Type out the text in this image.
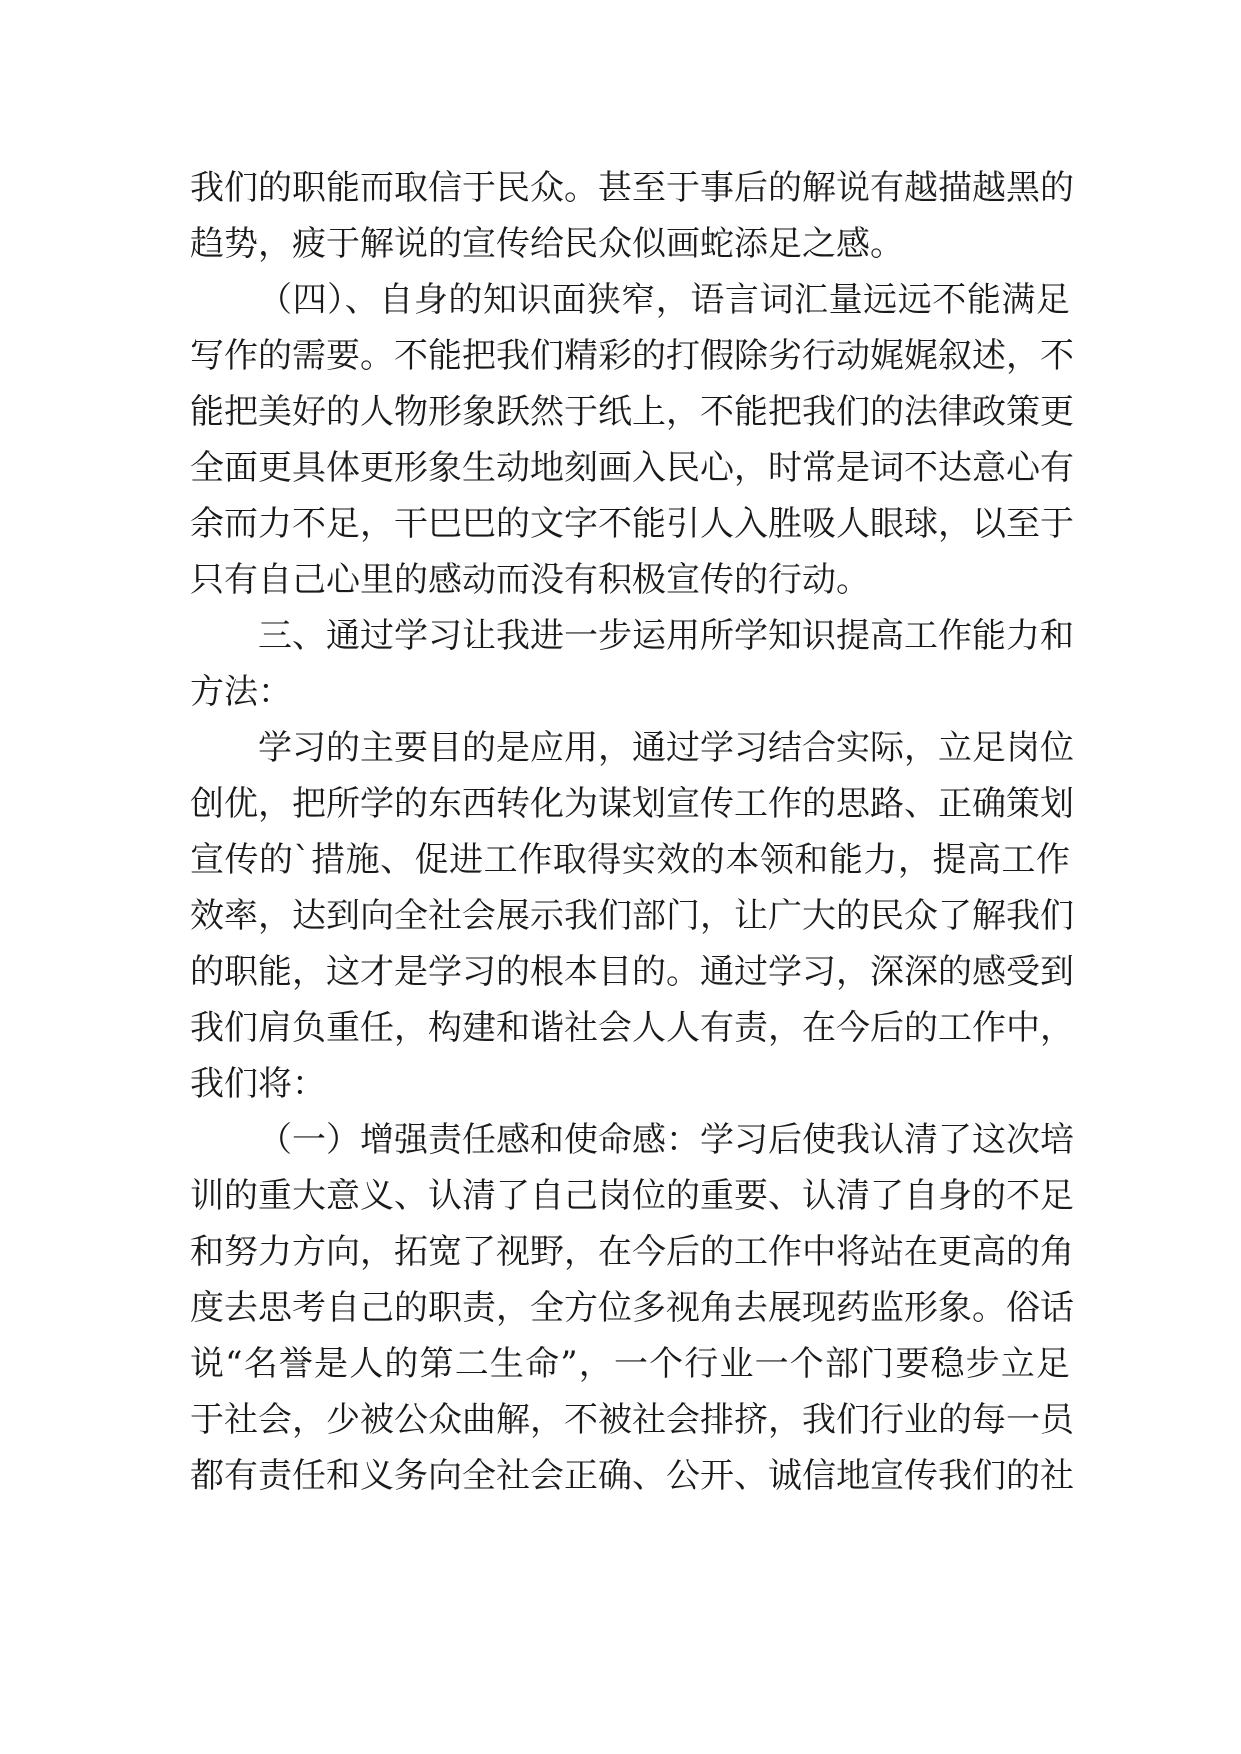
我们的职能而取信于民众。甚至于事后的解说有越描越黑的
趋势，疲于解说的宣传给民众似画蛇添足之感。
（四）、自身的知识面狭窄，语言词汇量远远不能满足
写作的需要。不能把我们精彩的打假除劣行动娓娓叙述，不
能把美好的人物形象跃然于纸上，不能把我们的法律政策更
全面更具体更形象生动地刻画入民心，时常是词不达意心有
余而力不足，干巴巴的文字不能引人入胜吸人眼球，以至于
只有自己心里的感动而没有积极宣传的行动。
三、通过学习让我进一步运用所学知识提高工作能力和
方法：
学习的主要目的是应用，通过学习结合实际，立足岗位
创优，把所学的东西转化为谋划宣传工作的思路、正确策划
宣传的`措施、促进工作取得实效的本领和能力，提高工作
效率，达到向全社会展示我们部门，让广大的民众了解我们
的职能，这才是学习的根本目的。通过学习，深深的感受到
我们肩负重任，构建和谐社会人人有责，在今后的工作中，
我们将：
（一）增强责任感和使命感：学习后使我认清了这次培
训的重大意义、认清了自己岗位的重要、认清了自身的不足
和努力方向，拓宽了视野，在今后的工作中将站在更高的角
度去思考自己的职责，全方位多视角去展现药监形象。俗话
说“名誉是人的第二生命”，一个行业一个部门要稳步立足
于社会，少被公众曲解，不被社会排挤，我们行业的每一员
都有责任和义务向全社会正确、公开、诚信地宣传我们的社
